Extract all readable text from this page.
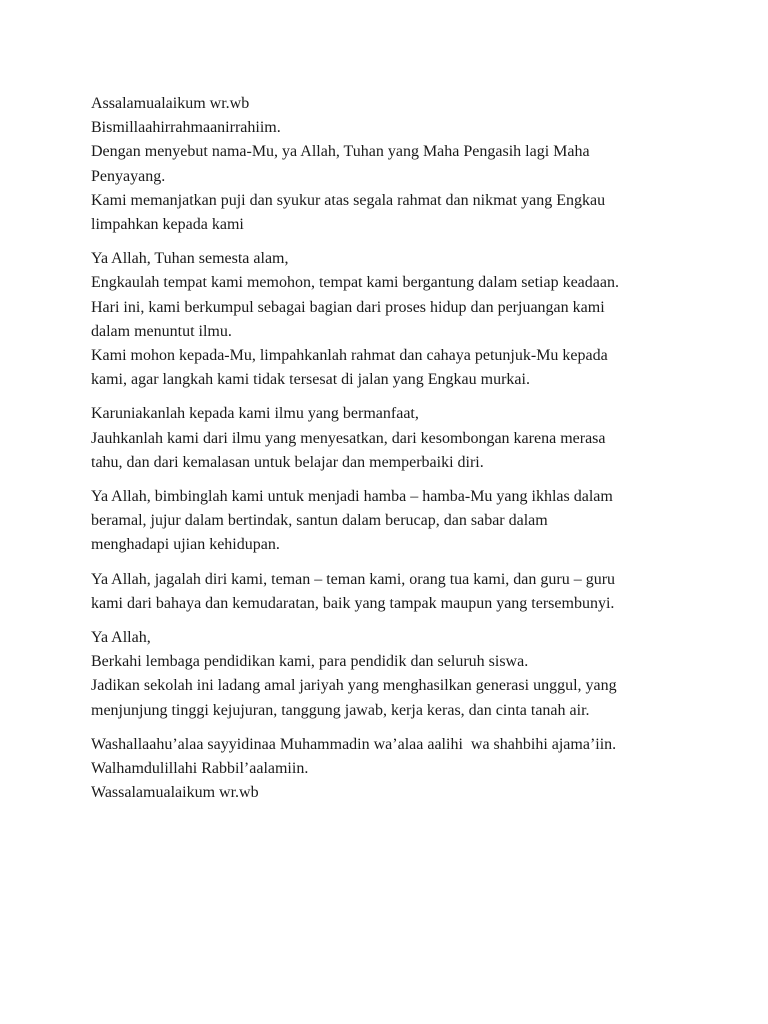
Assalamualaikum wr.wb
Bismillaahirrahmaanirrahiim.
Dengan menyebut nama-Mu, ya Allah, Tuhan yang Maha Pengasih lagi Maha
Penyayang.
Kami memanjatkan puji dan syukur atas segala rahmat dan nikmat yang Engkau
limpahkan kepada kami
Ya Allah, Tuhan semesta alam,
Engkaulah tempat kami memohon, tempat kami bergantung dalam setiap keadaan.
Hari ini, kami berkumpul sebagai bagian dari proses hidup dan perjuangan kami
dalam menuntut ilmu.
Kami mohon kepada-Mu, limpahkanlah rahmat dan cahaya petunjuk-Mu kepada
kami, agar langkah kami tidak tersesat di jalan yang Engkau murkai.
Karuniakanlah kepada kami ilmu yang bermanfaat,
Jauhkanlah kami dari ilmu yang menyesatkan, dari kesombongan karena merasa
tahu, dan dari kemalasan untuk belajar dan memperbaiki diri.
Ya Allah, bimbinglah kami untuk menjadi hamba – hamba-Mu yang ikhlas dalam
beramal, jujur dalam bertindak, santun dalam berucap, dan sabar dalam
menghadapi ujian kehidupan.
Ya Allah, jagalah diri kami, teman – teman kami, orang tua kami, dan guru – guru
kami dari bahaya dan kemudaratan, baik yang tampak maupun yang tersembunyi.
Ya Allah,
Berkahi lembaga pendidikan kami, para pendidik dan seluruh siswa.
Jadikan sekolah ini ladang amal jariyah yang menghasilkan generasi unggul, yang
menjunjung tinggi kejujuran, tanggung jawab, kerja keras, dan cinta tanah air.
Washallaahu’alaa sayyidinaa Muhammadin wa’alaa aalihi  wa shahbihi ajama’iin.
Walhamdulillahi Rabbil’aalamiin.
Wassalamualaikum wr.wb
